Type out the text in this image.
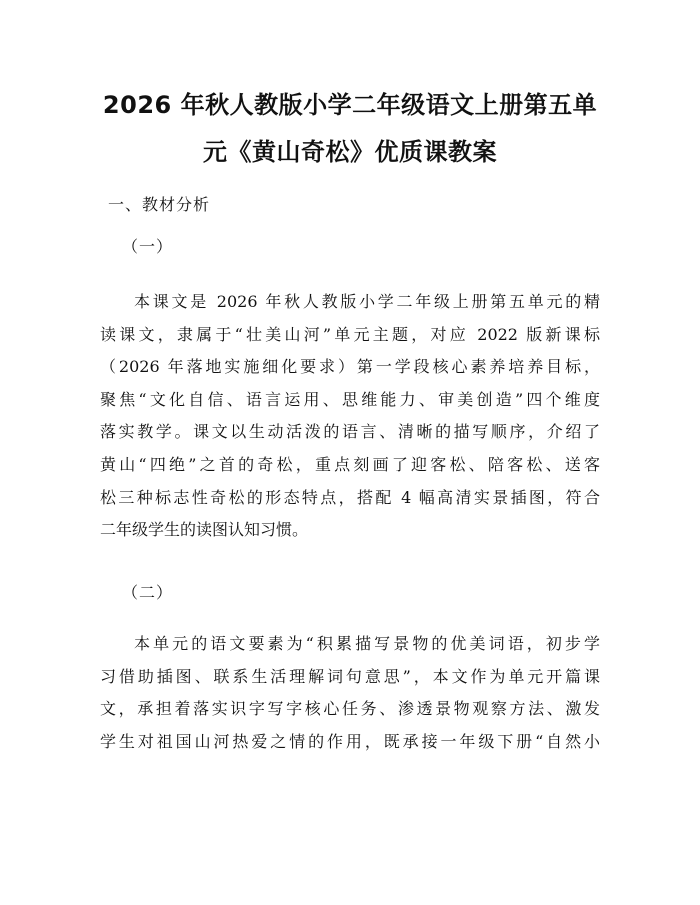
2026 年秋人教版小学二年级语文上册第五单
元《黄山奇松》优质课教案
一、教材分析
（一）
本课文是 2026 年秋人教版小学二年级上册第五单元的精
读课文，隶属于“壮美山河”单元主题，对应 2022 版新课标
（2026 年落地实施细化要求）第一学段核心素养培养目标，
聚焦“文化自信、语言运用、思维能力、审美创造”四个维度
落实教学。课文以生动活泼的语言、清晰的描写顺序，介绍了
黄山“四绝”之首的奇松，重点刻画了迎客松、陪客松、送客
松三种标志性奇松的形态特点，搭配 4 幅高清实景插图，符合
二年级学生的读图认知习惯。
（二）
本单元的语文要素为“积累描写景物的优美词语，初步学
习借助插图、联系生活理解词句意思”，本文作为单元开篇课
文，承担着落实识字写字核心任务、渗透景物观察方法、激发
学生对祖国山河热爱之情的作用，既承接一年级下册“自然小
